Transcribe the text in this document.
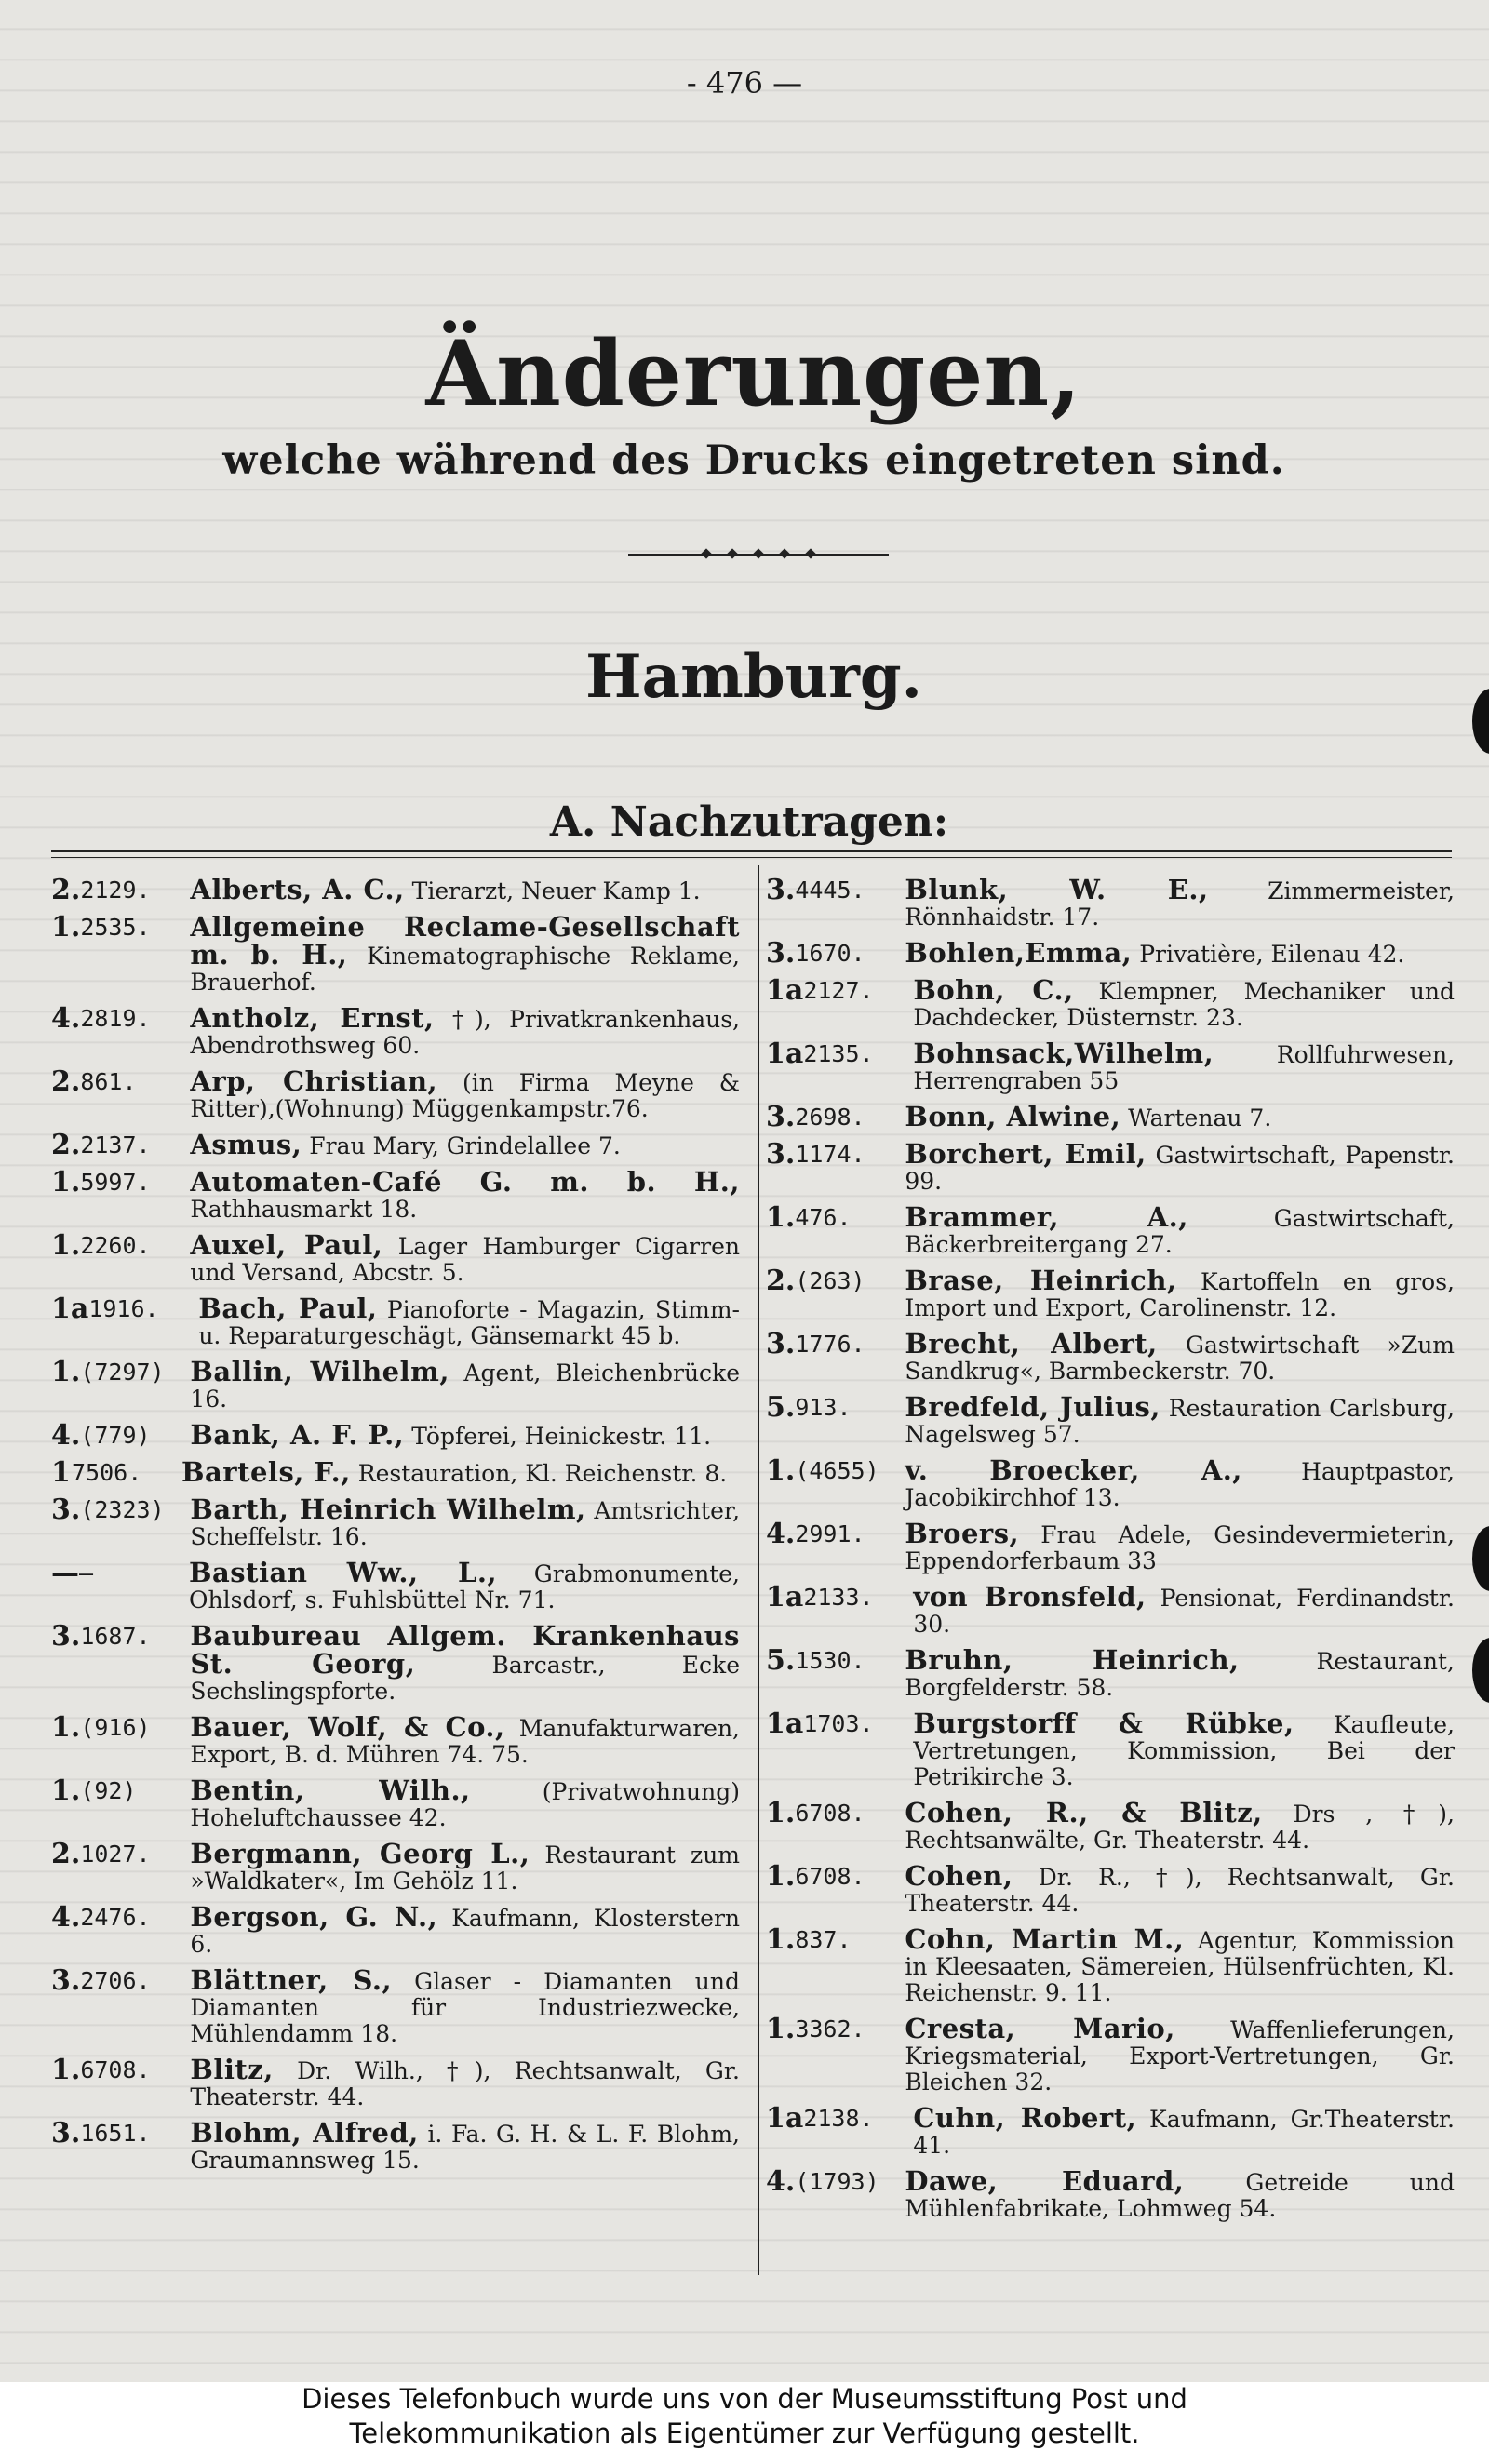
- 476 —
Änderungen,
welche während des Drucks eingetreten sind.
Hamburg.
A. Nachzutragen:
2. 2129.	Alberts, A. C., Tierarzt, Neuer Kamp 1.
1. 2535.	Allgemeine Reclame-Gesellschaft m. b. H., Kinematographische Reklame, Brauerhof.
4. 2819.	Antholz, Ernst, †), Privatkrankenhaus, Abendrothsweg 60.
2. 861.	Arp, Christian, (in Firma Meyne & Ritter),(Wohnung) Müggenkampstr.76.
2. 2137.	Asmus, Frau Mary, Grindelallee 7.
1. 5997.	Automaten-Café G. m. b. H., Rathhausmarkt 18.
1. 2260.	Auxel, Paul, Lager Hamburger Cigarren und Versand, Abcstr. 5.
1a 1916.	Bach, Paul, Pianoforte - Magazin, Stimm- u. Reparaturgeschägt, Gänsemarkt 45 b.
1. (7297) Ballin, Wilhelm, Agent, Bleichenbrücke 16.
4. (779)	Bank, A. F. P., Töpferei, Heinickestr. 11.
1 7506.	Bartels, F., Restauration, Kl. Reichenstr. 8.
3. (2323) Barth, Heinrich Wilhelm, Amtsrichter, Scheffelstr. 16.
— —	Bastian Ww., L., Grabmonumente, Ohlsdorf, s. Fuhlsbüttel Nr. 71.
3. 1687.	Baubureau Allgem. Krankenhaus St. Georg, Barcastr., Ecke Sechslingspforte.
1. (916)	Bauer, Wolf, & Co., Manufakturwaren, Export, B. d. Mühren 74. 75.
1. (92)	Bentin, Wilh., (Privatwohnung) Hoheluftchaussee 42.
2. 1027.	Bergmann, Georg L., Restaurant zum »Waldkater«, Im Gehölz 11.
4. 2476.	Bergson, G. N., Kaufmann, Klosterstern 6.
3. 2706.	Blättner, S., Glaser - Diamanten und Diamanten für Industriezwecke, Mühlendamm 18.
1. 6708.	Blitz, Dr. Wilh., †), Rechtsanwalt, Gr. Theaterstr. 44.
3. 1651.	Blohm, Alfred, i. Fa. G. H. & L. F. Blohm, Graumannsweg 15.
3. 4445.	Blunk, W. E., Zimmermeister, Rönnhaidstr. 17.
3. 1670.	Bohlen,Emma, Privatière, Eilenau 42.
1a 2127.	Bohn, C., Klempner, Mechaniker und Dachdecker, Düsternstr. 23.
1a 2135.	Bohnsack,Wilhelm, Rollfuhrwesen, Herrengraben 55
3. 2698.	Bonn, Alwine, Wartenau 7.
3. 1174.	Borchert, Emil, Gastwirtschaft, Papenstr. 99.
1. 476.	Brammer, A., Gastwirtschaft, Bäckerbreitergang 27.
2. (263)	Brase, Heinrich, Kartoffeln en gros, Import und Export, Carolinenstr. 12.
3. 1776.	Brecht, Albert, Gastwirtschaft »Zum Sandkrug«, Barmbeckerstr. 70.
5. 913.	Bredfeld, Julius, Restauration Carlsburg, Nagelsweg 57.
1. (4655) v. Broecker, A., Hauptpastor, Jacobikirchhof 13.
4. 2991.	Broers, Frau Adele, Gesindevermieterin, Eppendorferbaum 33
1a 2133.	von Bronsfeld, Pensionat, Ferdinandstr. 30.
5. 1530.	Bruhn, Heinrich, Restaurant, Borgfelderstr. 58.
1a 1703.	Burgstorff & Rübke, Kaufleute, Vertretungen, Kommission, Bei der Petrikirche 3.
1. 6708.	Cohen, R., & Blitz, Drs , †), Rechtsanwälte, Gr. Theaterstr. 44.
1. 6708.	Cohen, Dr. R., †), Rechtsanwalt, Gr. Theaterstr. 44.
1. 837.	Cohn, Martin M., Agentur, Kommission in Kleesaaten, Sämereien, Hülsenfrüchten, Kl. Reichenstr. 9. 11.
1. 3362.	Cresta, Mario, Waffenlieferungen, Kriegsmaterial, Export-Vertretungen, Gr. Bleichen 32.
1a 2138.	Cuhn, Robert, Kaufmann, Gr.Theaterstr. 41.
4. (1793) Dawe, Eduard, Getreide und Mühlenfabrikate, Lohmweg 54.
Dieses Telefonbuch wurde uns von der Museumsstiftung Post und
Telekommunikation als Eigentümer zur Verfügung gestellt.
